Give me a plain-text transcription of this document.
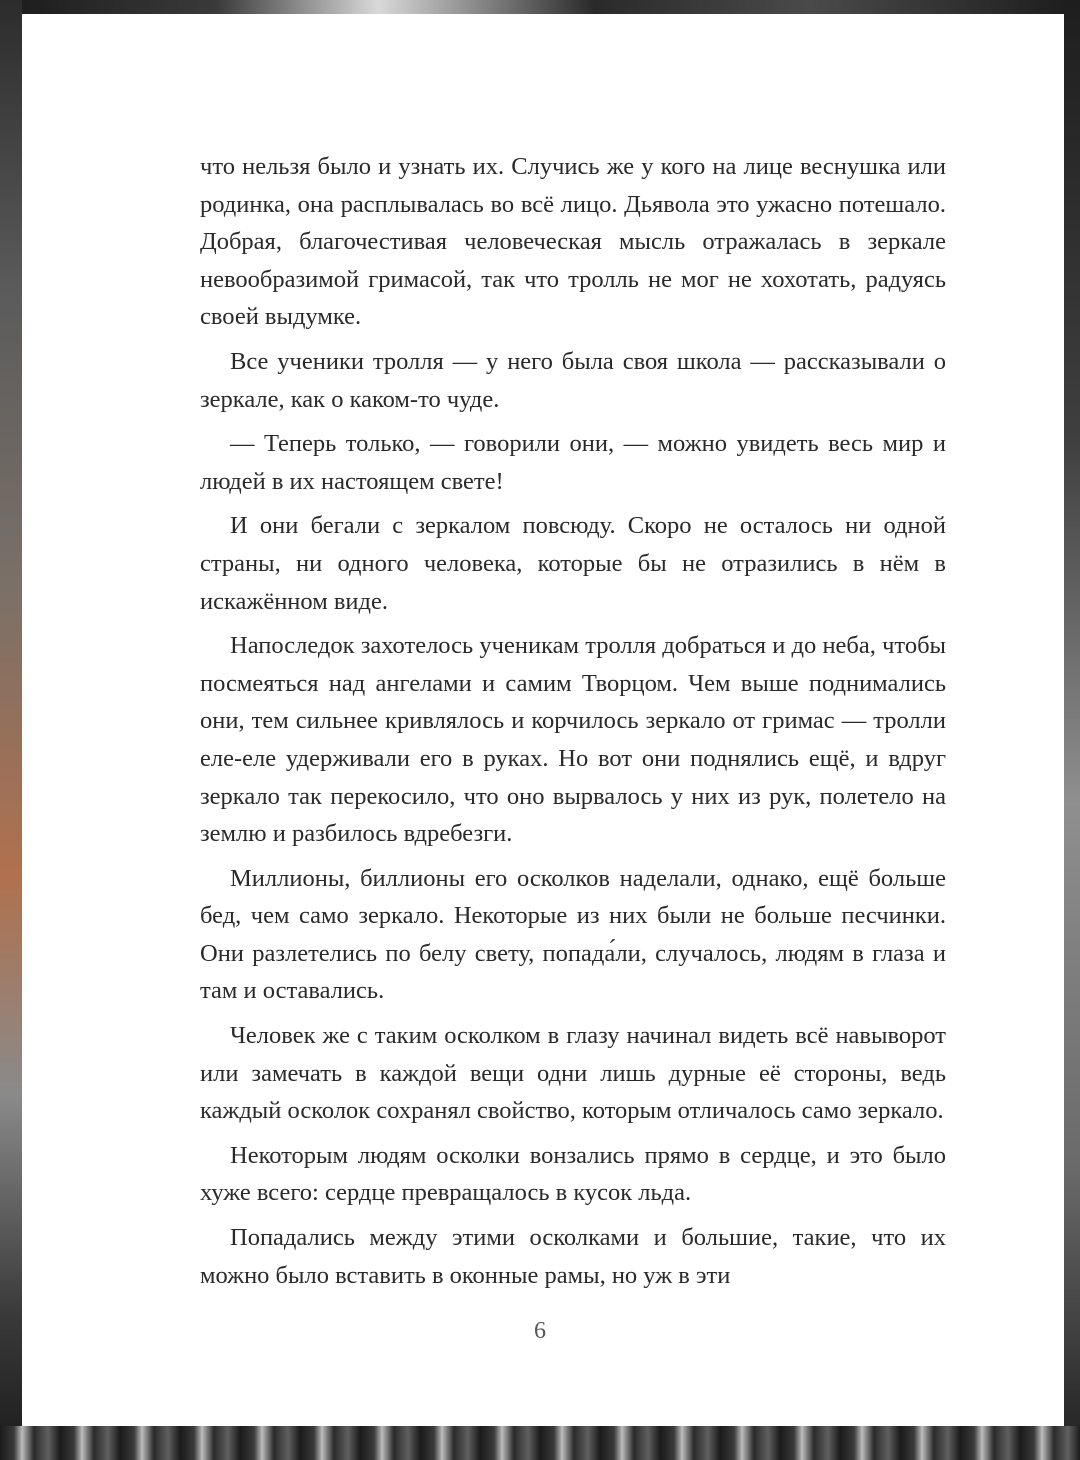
что нельзя было и узнать их. Случись же у кого на лице веснушка или родинка, она расплывалась во всё лицо. Дьявола это ужасно потешало. Добрая, благочестивая человеческая мысль отражалась в зеркале невообразимой гримасой, так что тролль не мог не хохотать, радуясь своей выдумке.

Все ученики тролля — у него была своя школа — рассказывали о зеркале, как о каком-то чуде.

— Теперь только, — говорили они, — можно увидеть весь мир и людей в их настоящем свете!

И они бегали с зеркалом повсюду. Скоро не осталось ни одной страны, ни одного человека, которые бы не отразились в нём в искажённом виде.

Напоследок захотелось ученикам тролля добраться и до неба, чтобы посмеяться над ангелами и самим Творцом. Чем выше поднимались они, тем сильнее кривлялось и корчилось зеркало от гримас — тролли еле-еле удерживали его в руках. Но вот они поднялись ещё, и вдруг зеркало так перекосило, что оно вырвалось у них из рук, полетело на землю и разбилось вдребезги.

Миллионы, биллионы его осколков наделали, однако, ещё больше бед, чем само зеркало. Некоторые из них были не больше песчинки. Они разлетелись по белу свету, попада́ли, случалось, людям в глаза и там и оставались.

Человек же с таким осколком в глазу начинал видеть всё навыворот или замечать в каждой вещи одни лишь дурные её стороны, ведь каждый осколок сохранял свойство, которым отличалось само зеркало.

Некоторым людям осколки вонзались прямо в сердце, и это было хуже всего: сердце превращалось в кусок льда.

Попадались между этими осколками и большие, такие, что их можно было вставить в оконные рамы, но уж в эти

6
